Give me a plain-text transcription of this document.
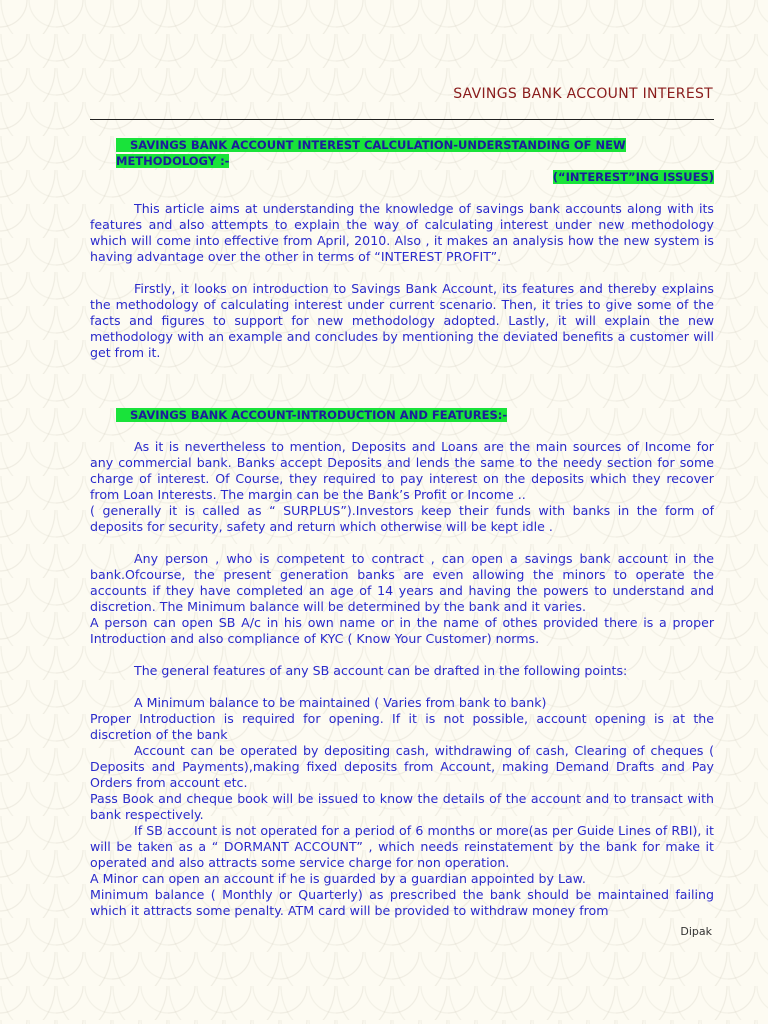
SAVINGS BANK ACCOUNT INTEREST
SAVINGS BANK ACCOUNT INTEREST CALCULATION-UNDERSTANDING OF NEW METHODOLOGY :-
(“INTEREST”ING ISSUES)

This article aims at understanding the knowledge of savings bank accounts along with its features and also attempts to explain the way of calculating interest under new methodology which will come into effective from April, 2010. Also , it makes an analysis how the new system is having advantage over the other in terms of “INTEREST PROFIT”.

Firstly, it looks on introduction to Savings Bank Account, its features and thereby explains the methodology of calculating interest under current scenario. Then, it tries to give some of the facts and figures to support for new methodology adopted. Lastly, it will explain the new methodology with an example and concludes by mentioning the deviated benefits a customer will get from it.

SAVINGS BANK ACCOUNT-INTRODUCTION AND FEATURES:-

As it is nevertheless to mention, Deposits and Loans are the main sources of Income for any commercial bank. Banks accept Deposits and lends the same to the needy section for some charge of interest. Of Course, they required to pay interest on the deposits which they recover from Loan Interests. The margin can be the Bank’s Profit or Income ..

( generally it is called as “ SURPLUS”).Investors keep their funds with banks in the form of deposits for security, safety and return which otherwise will be kept idle .

Any person , who is competent to contract , can open a savings bank account in the bank.Ofcourse, the present generation banks are even allowing the minors to operate the accounts if they have completed an age of 14 years and having the powers to understand and discretion. The Minimum balance will be determined by the bank and it varies.

A person can open SB A/c in his own name or in the name of othes provided there is a proper Introduction and also compliance of KYC ( Know Your Customer) norms.

The general features of any SB account can be drafted in the following points:

A Minimum balance to be maintained ( Varies from bank to bank)

Proper Introduction is required for opening. If it is not possible, account opening is at the discretion of the bank

Account can be operated by depositing cash, withdrawing of cash, Clearing of cheques ( Deposits and Payments),making fixed deposits from Account, making Demand Drafts and Pay Orders from account etc.

Pass Book and cheque book will be issued to know the details of the account and to transact with bank respectively.

If SB account is not operated for a period of 6 months or more(as per Guide Lines of RBI), it will be taken as a “ DORMANT ACCOUNT” , which needs reinstatement by the bank for make it operated and also attracts some service charge for non operation.

A Minor can open an account if he is guarded by a guardian appointed by Law.

Minimum balance ( Monthly or Quarterly) as prescribed the bank should be maintained failing which it attracts some penalty. ATM card will be provided to withdraw money from

Dipak
